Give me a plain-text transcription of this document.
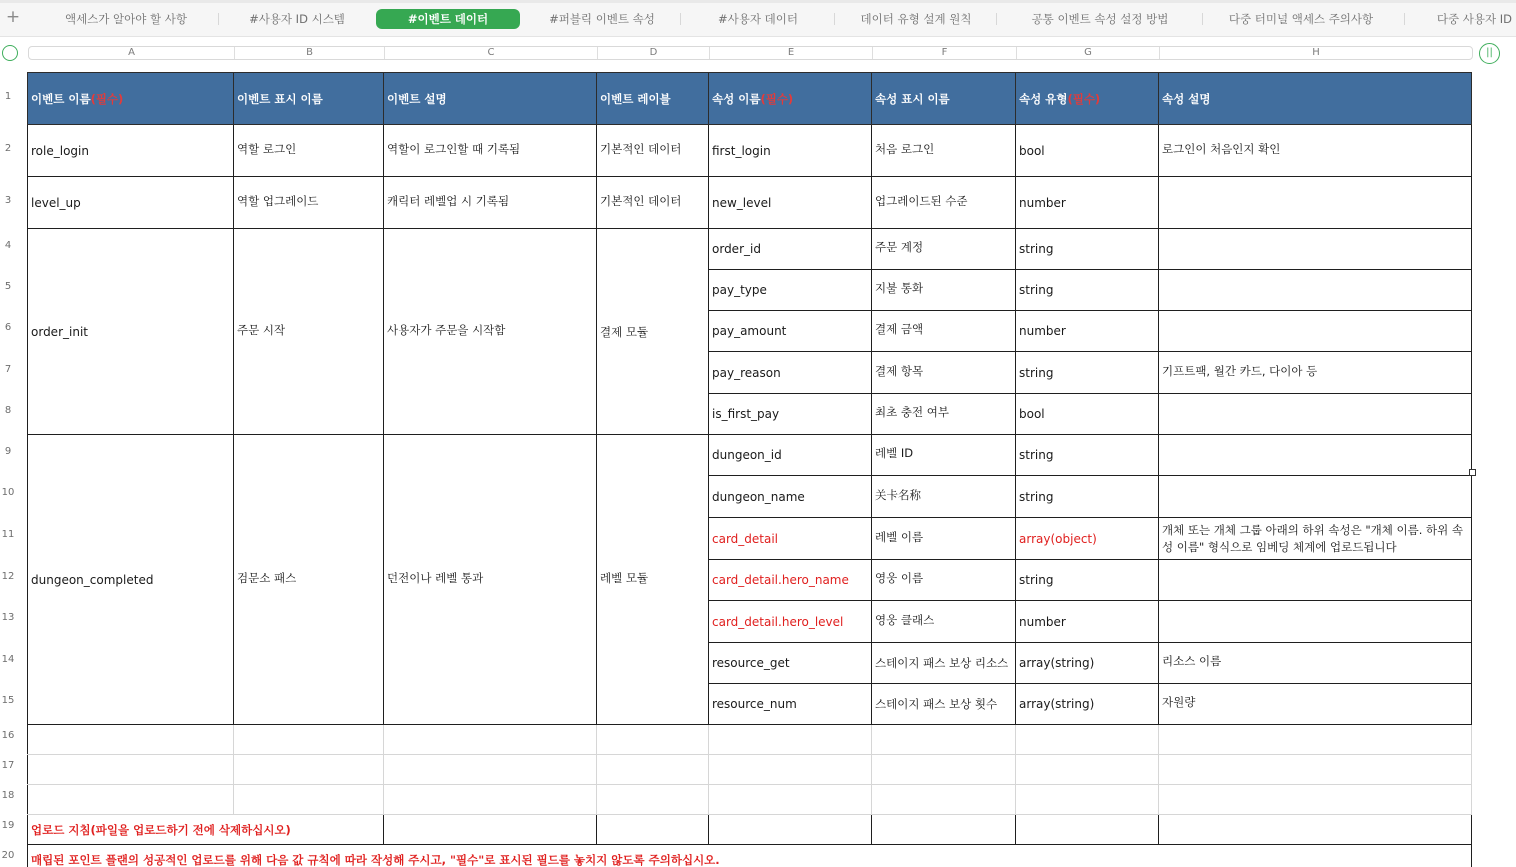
+	액세스가 알아야 할 사항	#사용자 ID 시스템	#이벤트 데이터	#퍼블릭 이벤트 속성	#사용자 데이터	데이터 유형 설계 원칙	공통 이벤트 속성 설정 방법	다중 터미널 액세스 주의사항	다중 사용자 ID
A	B	C	D	E	F	G	H	||
1
2
3
4
5
6
7
8
9
10
11
12
13
14
15
16
17
18
19
20
이벤트 이름(필수)	이벤트 표시 이름	이벤트 설명	이벤트 레이블	속성 이름(필수)	속성 표시 이름	속성 유형(필수)	속성 설명
role_login	역할 로그인	역할이 로그인할 때 기록됨	기본적인 데이터	first_login	처음 로그인	bool	로그인이 처음인지 확인
level_up	역할 업그레이드	캐릭터 레벨업 시 기록됨	기본적인 데이터	new_level	업그레이드된 수준	number	
order_init	주문 시작	사용자가 주문을 시작함	결제 모듈	order_id	주문 계정	string	
				pay_type	지불 통화	string	
				pay_amount	결제 금액	number	
				pay_reason	결제 항목	string	기프트팩, 월간 카드, 다이아 등
				is_first_pay	최초 충전 여부	bool	
dungeon_completed	검문소 패스	던전이나 레벨 통과	레벨 모듈	dungeon_id	레벨 ID	string	
				dungeon_name	关卡名称	string	
				card_detail	레벨 이름	array(object)	개체 또는 개체 그룹 아래의 하위 속성은 "개체 이름. 하위 속성 이름" 형식으로 임베딩 체계에 업로드됩니다
				card_detail.hero_name	영웅 이름	string	
				card_detail.hero_level	영웅 클래스	number	
				resource_get	스테이지 패스 보상 리소스	array(string)	리소스 이름
				resource_num	스테이지 패스 보상 횟수	array(string)	자원량

업로드 지침(파일을 업로드하기 전에 삭제하십시오)							
매립된 포인트 플랜의 성공적인 업로드를 위해 다음 값 규칙에 따라 작성해 주시고, "필수"로 표시된 필드를 놓치지 않도록 주의하십시오.							
